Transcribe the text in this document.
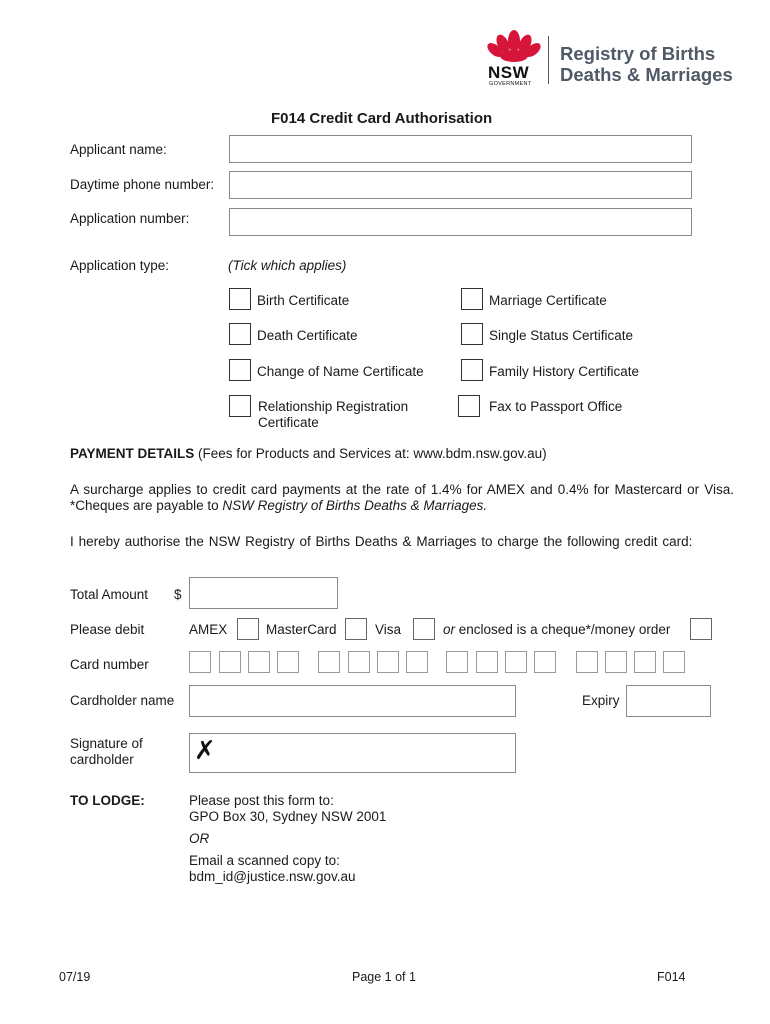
NSW
GOVERNMENT
Registry of Births
Deaths & Marriages
F014 Credit Card Authorisation
Applicant name:
Daytime phone number:
Application number:
Application type:	(Tick which applies)
Birth Certificate	Marriage Certificate
Death Certificate	Single Status Certificate
Change of Name Certificate	Family History Certificate
Relationship Registration
Certificate
Fax to Passport Office
PAYMENT DETAILS (Fees for Products and Services at: www.bdm.nsw.gov.au)
A surcharge applies to credit card payments at the rate of 1.4% for AMEX and 0.4% for Mastercard or Visa. *Cheques are payable to NSW Registry of Births Deaths & Marriages.
I hereby authorise the NSW Registry of Births Deaths & Marriages to charge the following credit card:
Total Amount $
Please debit	AMEX	MasterCard	Visa	or enclosed is a cheque*/money order
Card number
Cardholder name	Expiry
Signature of
cardholder	✗
TO LODGE:	Please post this form to:
GPO Box 30, Sydney NSW 2001
OR
Email a scanned copy to:
bdm_id@justice.nsw.gov.au
07/19	Page 1 of 1	F014
